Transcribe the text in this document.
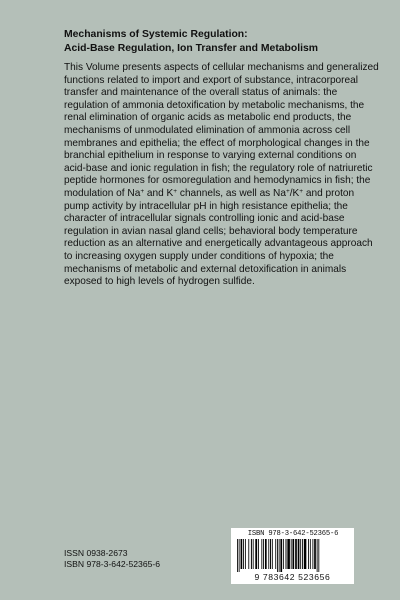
Mechanisms of Systemic Regulation:
Acid-Base Regulation, Ion Transfer and Metabolism

This Volume presents aspects of cellular mechanisms and generalized functions related to import and export of substance, intracorporeal transfer and maintenance of the overall status of animals: the regulation of ammonia detoxification by metabolic mechanisms, the renal elimination of organic acids as metabolic end products, the mechanisms of unmodulated elimination of ammonia across cell membranes and epithelia; the effect of morphological changes in the branchial epithelium in response to varying external conditions on acid-base and ionic regulation in fish; the regulatory role of natriuretic peptide hormones for osmoregulation and hemodynamics in fish; the modulation of Na+ and K+ channels, as well as Na+/K+ and proton pump activity by intracellular pH in high resistance epithelia; the character of intracellular signals controlling ionic and acid-base regulation in avian nasal gland cells; behavioral body temperature reduction as an alternative and energetically advantageous approach to increasing oxygen supply under conditions of hypoxia; the mechanisms of metabolic and external detoxification in animals exposed to high levels of hydrogen sulfide.

ISSN 0938-2673
ISBN 978-3-642-52365-6
ISBN 978-3-642-52365-6
9 783642 523656
